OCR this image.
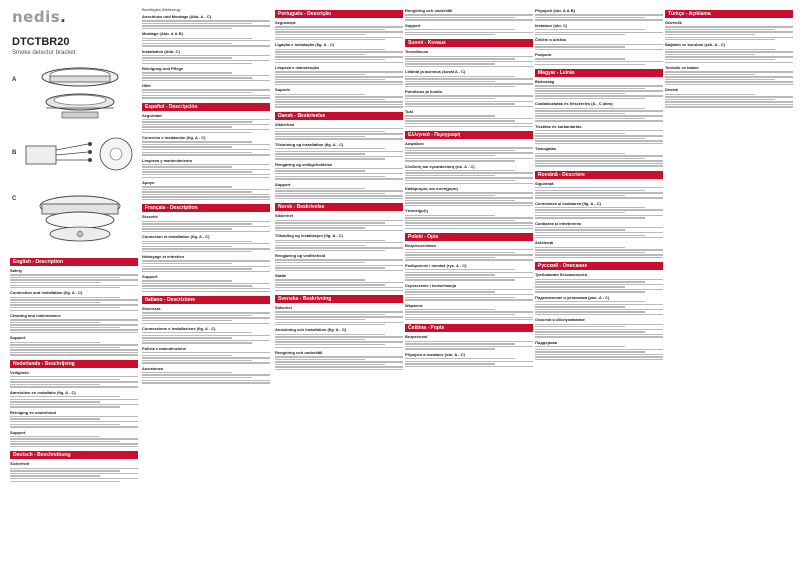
nedis.
DTCTBR20
Smoke detector bracket
A
B
C
English - Description
Safety
Connection and installation (fig. A - C)
Cleaning and maintenance
Support
Nederlands - Beschrijving
Veiligheid
Aansluiten en installatie (fig. A - C)
Reiniging en onderhoud
Support
Deutsch - Beschreibung
Sicherheit
Benötigtes Werkzeug
Anschluss und Montage (Abb. A - C)
Montage (Abb. A & B)
Installation (Abb. C)
Reinigung und Pflege
Hilfe
Español - Descripción
Seguridad
Conexión e instalación (fig. A - C)
Limpieza y mantenimiento
Apoyo
Français - Description
Sécurité
Connexion et installation (fig. A - C)
Nettoyage et entretien
Support
Italiano - Descrizione
Sicurezza
Connessione e installazione (fig. A - C)
Pulizia e manutenzione
Assistenza
Português - Descrição
Segurança
Ligação e instalação (fig. A - C)
Limpeza e manutenção
Suporte
Dansk - Beskrivelse
Sikkerhed
Tilslutning og installation (fig. A - C)
Rengøring og vedligeholdelse
Support
Norsk - Beskrivelse
Sikkerhet
Tilkobling og installasjon (fig. A - C)
Rengjøring og vedlikehold
Støtte
Svenska - Beskrivning
Säkerhet
Anslutning och installation (fig. A - C)
Rengöring och underhåll
Rengöring och underhåll
Support
Suomi - Kuvaus
Turvallisuus
Liitäntä ja asennus (kuvat A - C)
Puhdistus ja huolto
Tuki
Ελληνικά - Περιγραφή
Ασφάλεια
Σύνδεση και εγκατάσταση (εικ. A - C)
Καθαρισμός και συντήρηση
Υποστήριξη
Polski - Opis
Bezpieczeństwo
Podłączenie i montaż (rys. A - C)
Czyszczenie i konserwacja
Wsparcie
Čeština - Popis
Bezpečnost
Připojení a instalace (obr. A - C)
Připojení (obr. A & B)
Instalace (obr. C)
Čištění a údržba
Podpora
Magyar - Leírás
Biztonság
Csatlakoztatás és felszerelés (A - C ábra)
Tisztítás és karbantartás
Támogatás
Română - Descriere
Siguranță
Conectarea și instalarea (fig. A - C)
Curățarea și întreținerea
Asistență
Русский - Описание
Требования безопасности
Подключение и установка (рис. A - C)
Очистка и обслуживание
Поддержка
Türkçe - Açıklama
Güvenlik
Bağlantı ve kurulum (şek. A - C)
Temizlik ve bakım
Destek
